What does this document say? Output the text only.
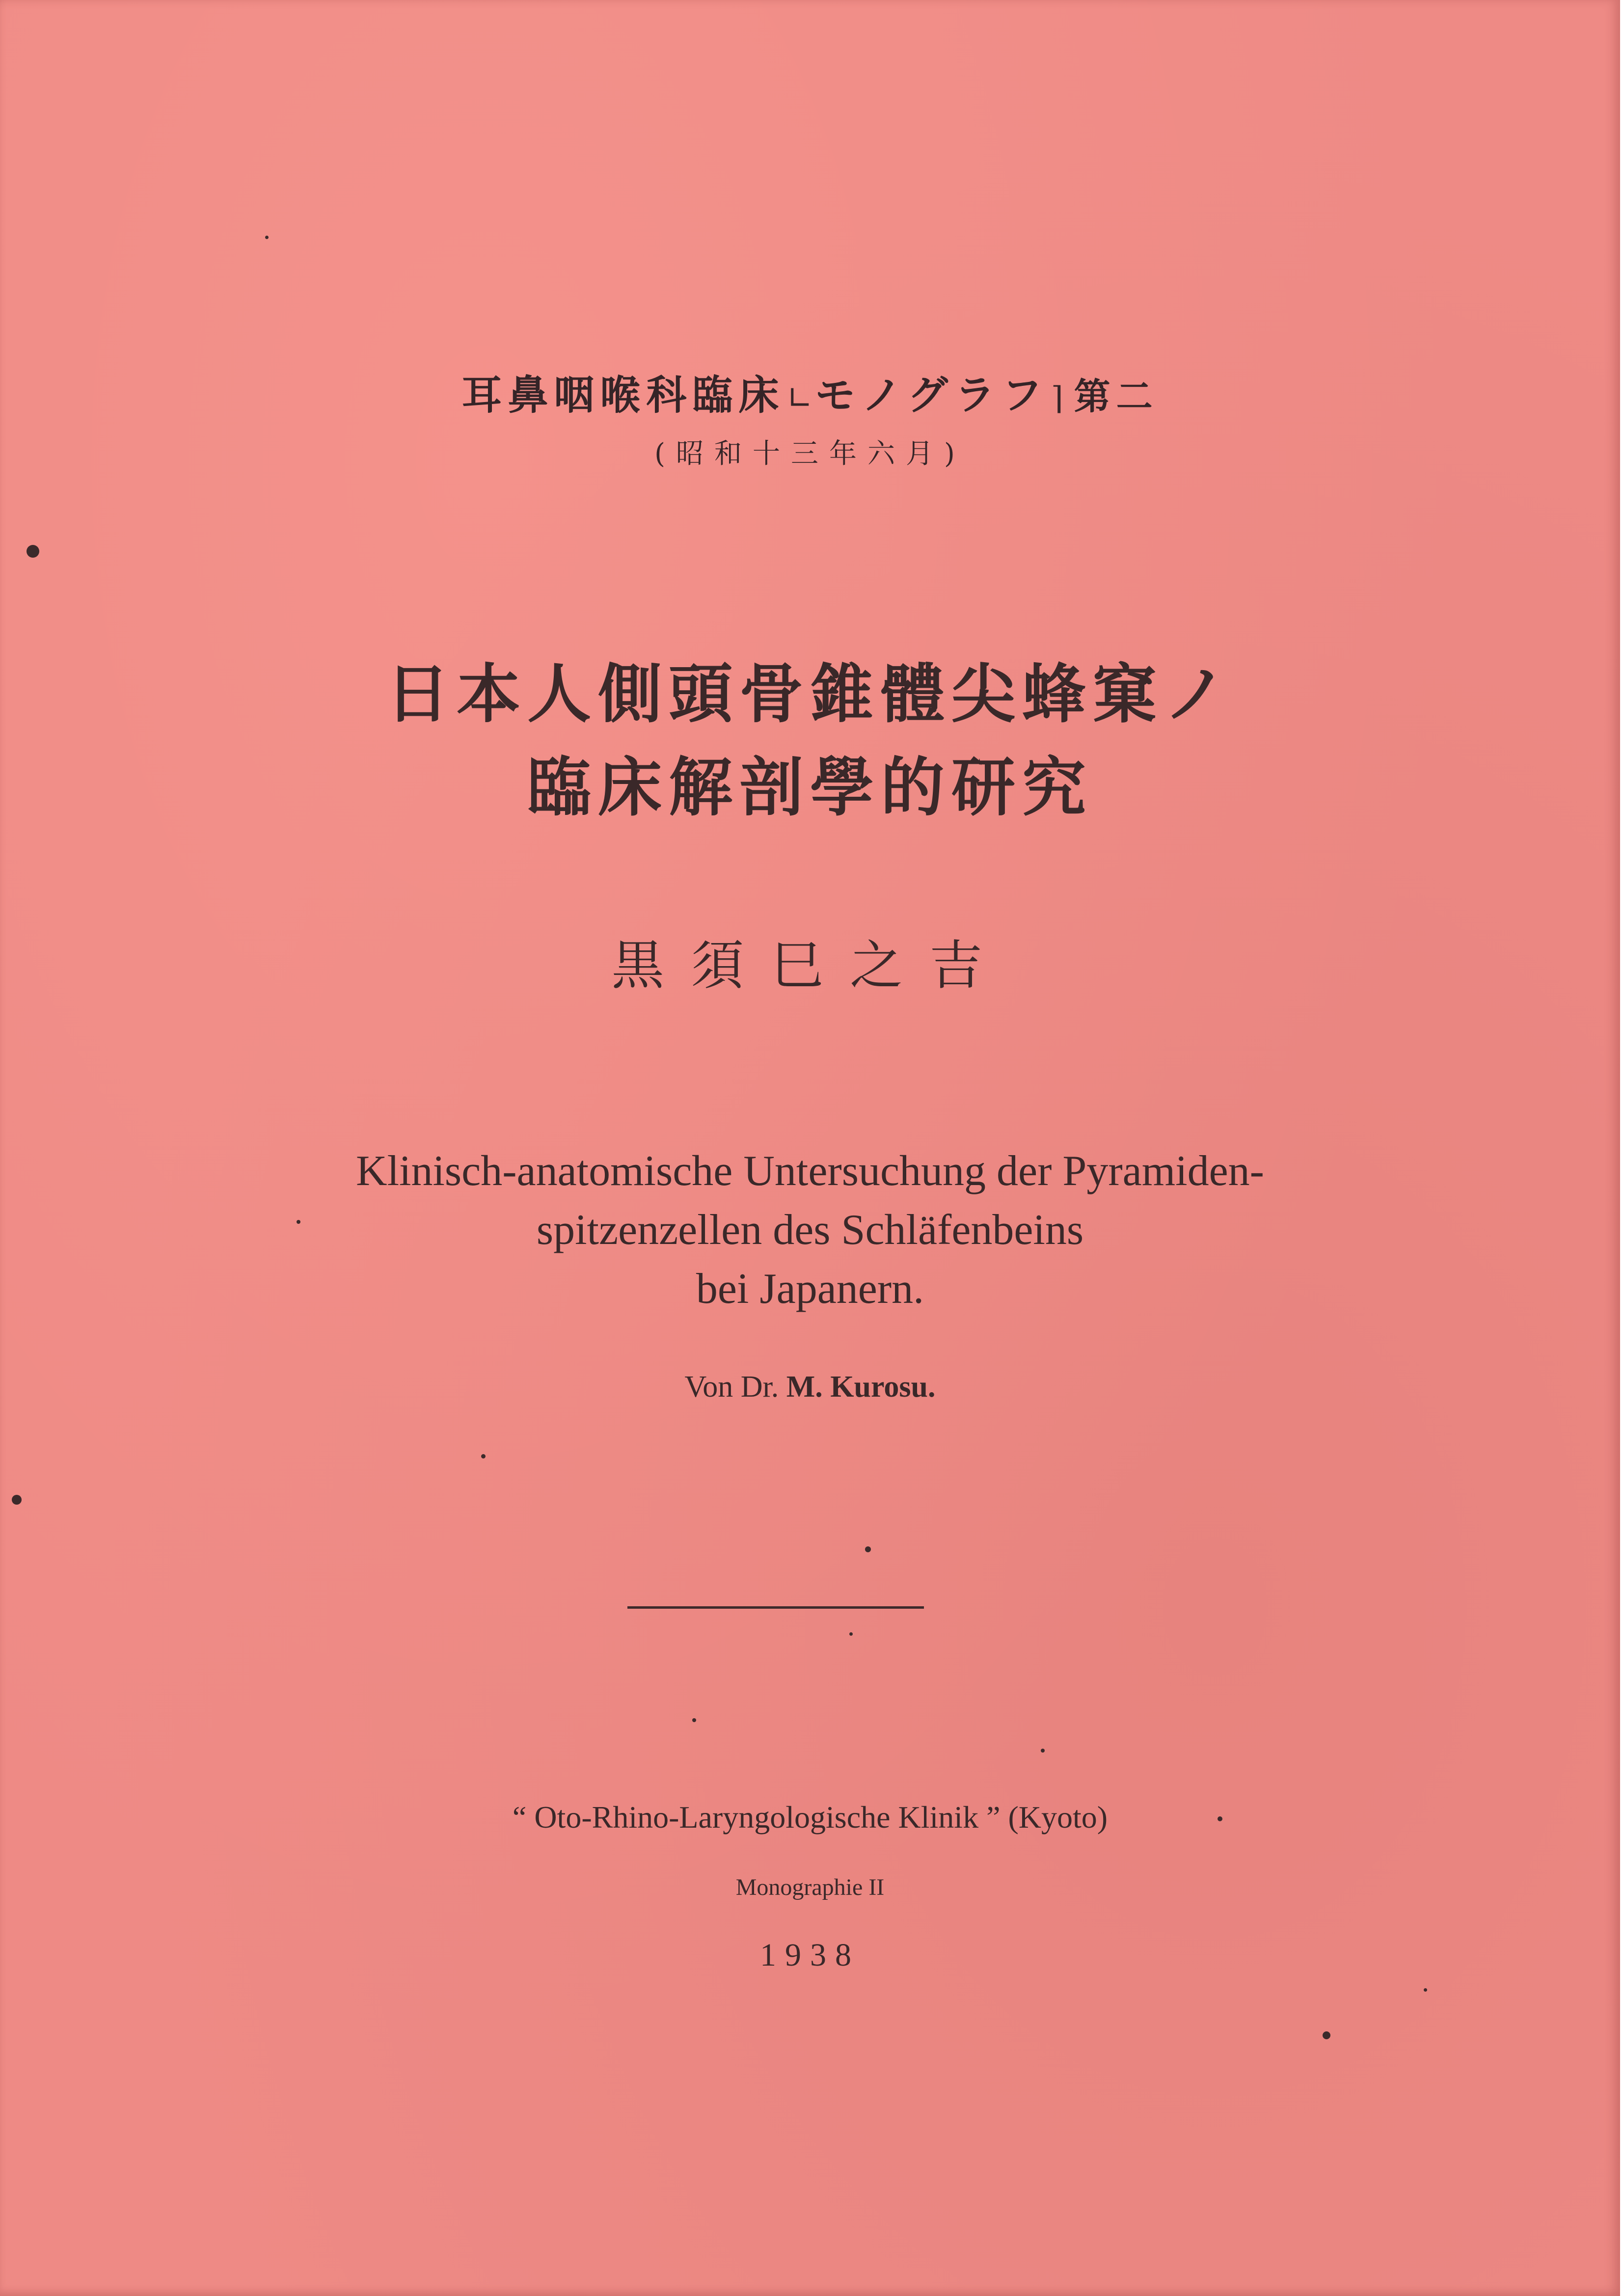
耳鼻咽喉科臨床∟モノグラフ⌉ 第二

(昭和十三年六月)

日本人側頭骨錐體尖蜂窠ノ

臨床解剖學的研究

黒須巳之吉

Klinisch-anatomische Untersuchung der Pyramiden-

spitzenzellen des Schläfenbeins

bei Japanern.

Von Dr. M. Kurosu.

“ Oto-Rhino-Laryngologische Klinik ” (Kyoto)

Monographie II

1938
